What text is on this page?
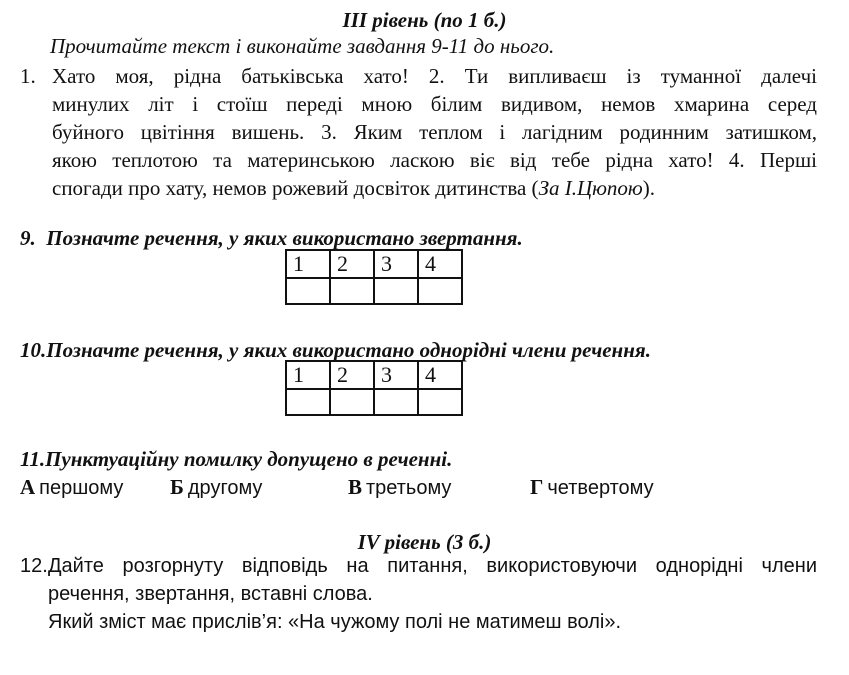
III рівень (по 1 б.)
Прочитайте текст і виконайте завдання 9-11 до нього.
1. Хато моя, рідна батьківська хато! 2. Ти випливаєш із туманної далечі
минулих літ і стоїш переді мною білим видивом, немов хмарина серед
буйного цвітіння вишень. 3. Яким теплом і лагідним родинним затишком,
якою теплотою та материнською ласкою віє від тебе рідна хато! 4. Перші
спогади про хату, немов рожевий досвіток дитинства (За І.Цюпою).
9. Позначте речення, у яких використано звертання.
1	2	3	4

10.Позначте речення, у яких використано однорідні члени речення.
1	2	3	4

11.Пунктуаційну помилку допущено в реченні.
А першому Б другому	В третьому	Г четвертому
IV рівень (3 б.)
12. Дайте розгорнуту відповідь на питання, використовуючи однорідні члени
речення, звертання, вставні слова.
Який зміст має прислів’я: «На чужому полі не матимеш волі».
